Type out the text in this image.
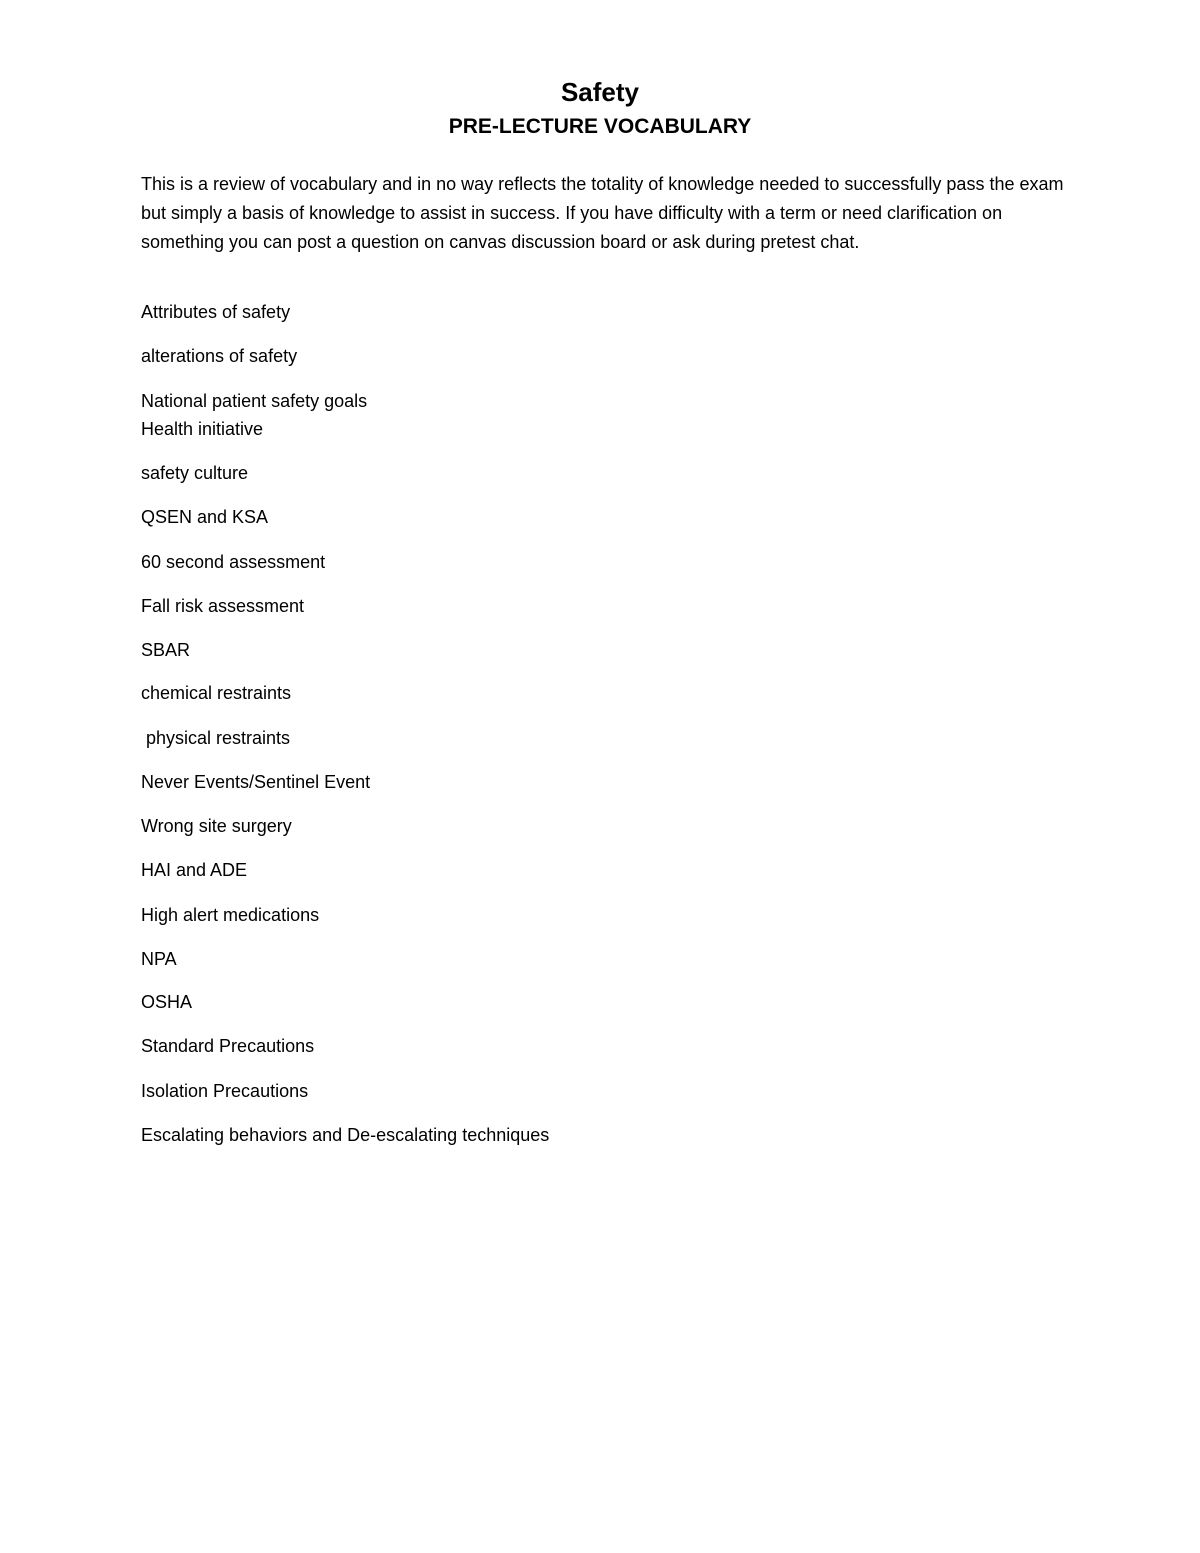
Safety
PRE-LECTURE VOCABULARY

This is a review of vocabulary and in no way reflects the totality of knowledge needed to successfully pass the exam but simply a basis of knowledge to assist in success. If you have difficulty with a term or need clarification on something you can post a question on canvas discussion board or ask during pretest chat.

Attributes of safety

alterations of safety

National patient safety goals

Health initiative

safety culture

QSEN and KSA

60 second assessment

Fall risk assessment

SBAR

chemical restraints

physical restraints

Never Events/Sentinel Event

Wrong site surgery

HAI and ADE

High alert medications

NPA

OSHA

Standard Precautions

Isolation Precautions

Escalating behaviors and De-escalating techniques
